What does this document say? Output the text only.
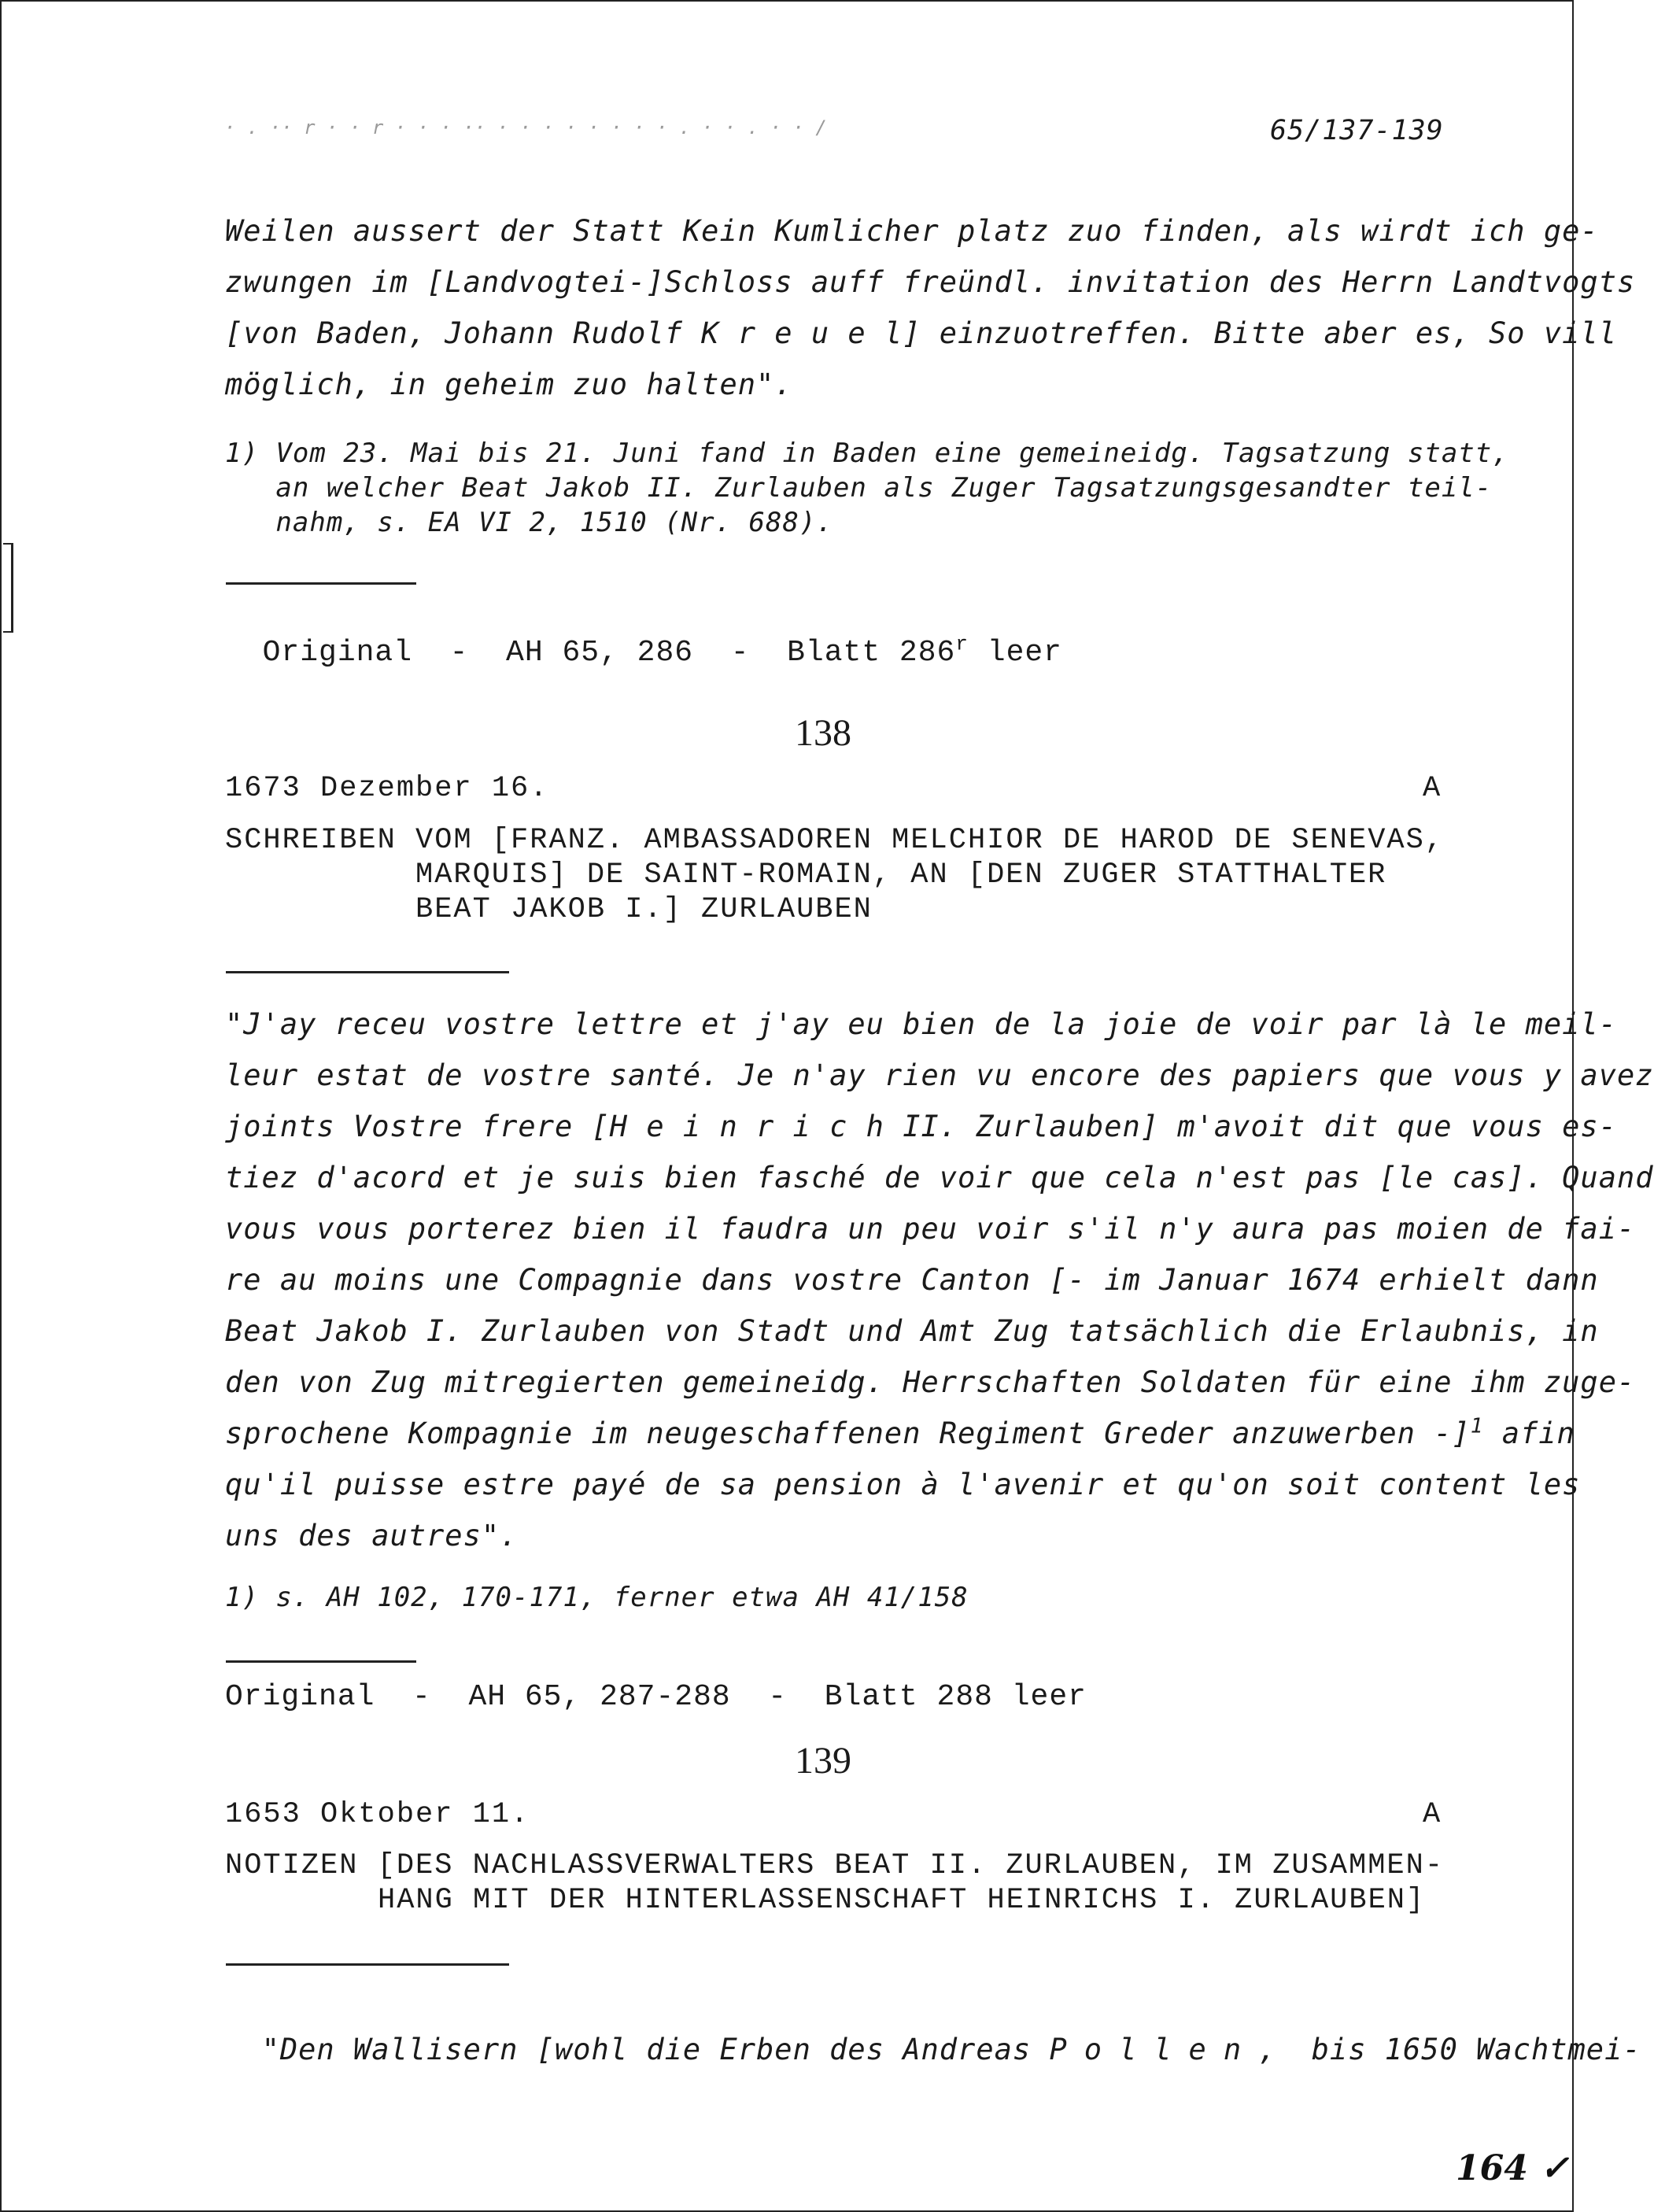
· . ·· r · · r · · · ·· · · · · · · · · . · · . · · /	65/137-139
Weilen aussert der Statt Kein Kumlicher platz zuo finden, als wirdt ich ge-
zwungen im [Landvogtei-]Schloss auff freündl. invitation des Herrn Landtvogts
[von Baden, Johann Rudolf K r e u e l] einzuotreffen. Bitte aber es, So vill
möglich, in geheim zuo halten".
1) Vom 23. Mai bis 21. Juni fand in Baden eine gemeineidg. Tagsatzung statt,
an welcher Beat Jakob II. Zurlauben als Zuger Tagsatzungsgesandter teil-
nahm, s. EA VI 2, 1510 (Nr. 688).

Original  -  AH 65, 286  -  Blatt 286$^r$ leer

138
1673 Dezember 16.	A
SCHREIBEN VOM [FRANZ. AMBASSADOREN MELCHIOR DE HAROD DE SENEVAS,
MARQUIS] DE SAINT-ROMAIN, AN [DEN ZUGER STATTHALTER
BEAT JAKOB I.] ZURLAUBEN
"J'ay receu vostre lettre et j'ay eu bien de la joie de voir par là le meil-
leur estat de vostre santé. Je n'ay rien vu encore des papiers que vous y avez
joints Vostre frere [H e i n r i c h II. Zurlauben] m'avoit dit que vous es-
tiez d'acord et je suis bien fasché de voir que cela n'est pas [le cas]. Quand
vous vous porterez bien il faudra un peu voir s'il n'y aura pas moien de fai-
re au moins une Compagnie dans vostre Canton [- im Januar 1674 erhielt dann
Beat Jakob I. Zurlauben von Stadt und Amt Zug tatsächlich die Erlaubnis, in
den von Zug mitregierten gemeineidg. Herrschaften Soldaten für eine ihm zuge-
sprochene Kompagnie im neugeschaffenen Regiment Greder anzuwerben -]$^1$ afin
qu'il puisse estre payé de sa pension à l'avenir et qu'on soit content les
uns des autres".
1) s. AH 102, 170-171, ferner etwa AH 41/158
Original  -  AH 65, 287-288  -  Blatt 288 leer
139
1653 Oktober 11.	A
NOTIZEN [DES NACHLASSVERWALTERS BEAT II. ZURLAUBEN, IM ZUSAMMEN-
HANG MIT DER HINTERLASSENSCHAFT HEINRICHS I. ZURLAUBEN]

"Den Wallisern [wohl die Erben des Andreas Pollen, bis 1650 Wachtmei-

164 ✓
